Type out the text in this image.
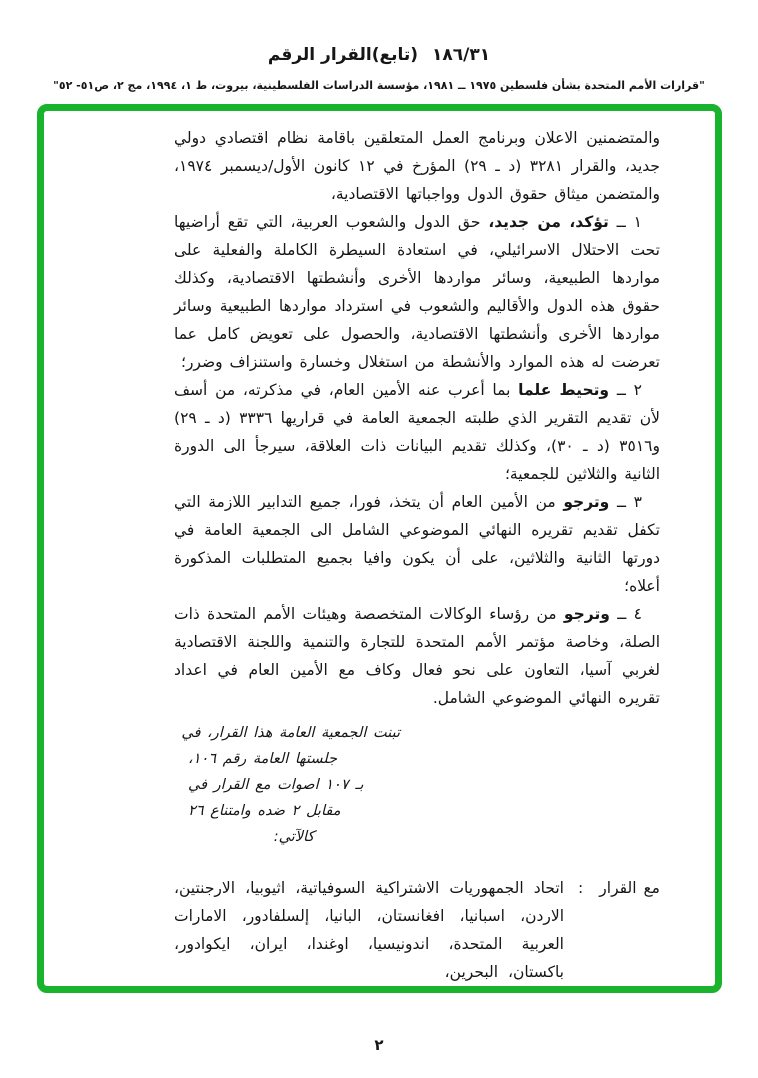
(تابع)القرار الرقم ١٨٦/٣١
"قرارات الأمم المتحدة بشأن فلسطين ١٩٧٥ ــ ١٩٨١، مؤسسة الدراسات الفلسطينية، بيروت، ط ١، ١٩٩٤، مج ٢، ص٥١- ٥٢"

والمتضمنين الاعلان وبرنامج العمل المتعلقين باقامة نظام اقتصادي دولي جديد، والقرار ٣٢٨١ (د ـ ٢٩) المؤرخ في ١٢ كانون الأول/ديسمبر ١٩٧٤، والمتضمن ميثاق حقوق الدول وواجباتها الاقتصادية،

١ ــ تؤكد، من جديد، حق الدول والشعوب العربية، التي تقع أراضيها تحت الاحتلال الاسرائيلي، في استعادة السيطرة الكاملة والفعلية على مواردها الطبيعية، وسائر مواردها الأخرى وأنشطتها الاقتصادية، وكذلك حقوق هذه الدول والأقاليم والشعوب في استرداد مواردها الطبيعية وسائر مواردها الأخرى وأنشطتها الاقتصادية، والحصول على تعويض كامل عما تعرضت له هذه الموارد والأنشطة من استغلال وخسارة واستنزاف وضرر؛

٢ ــ وتحيط علما بما أعرب عنه الأمين العام، في مذكرته، من أسف لأن تقديم التقرير الذي طلبته الجمعية العامة في قراريها ٣٣٣٦ (د ـ ٢٩) و٣٥١٦ (د ـ ٣٠)، وكذلك تقديم البيانات ذات العلاقة، سيرجأ الى الدورة الثانية والثلاثين للجمعية؛

٣ ــ وترجو من الأمين العام أن يتخذ، فورا، جميع التدابير اللازمة التي تكفل تقديم تقريره النهائي الموضوعي الشامل الى الجمعية العامة في دورتها الثانية والثلاثين، على أن يكون وافيا بجميع المتطلبات المذكورة أعلاه؛

٤ ــ وترجو من رؤساء الوكالات المتخصصة وهيئات الأمم المتحدة ذات الصلة، وخاصة مؤتمر الأمم المتحدة للتجارة والتنمية واللجنة الاقتصادية لغربي آسيا، التعاون على نحو فعال وكاف مع الأمين العام في اعداد تقريره النهائي الموضوعي الشامل.

تبنت الجمعية العامة هذا القرار، في
جلستها العامة رقم ١٠٦،
بـ ١٠٧ اصوات مع القرار في
مقابل ٢ ضده وامتناع ٢٦
كالآتي:
مع القرار
:
اتحاد الجمهوريات الاشتراكية السوفياتية، اثيوبيا، الارجنتين، الاردن، اسبانيا، افغانستان، البانيا، إلسلفادور، الامارات العربية المتحدة، اندونيسيا، اوغندا، ايران، ايكوادور، باكستان، البحرين،
٢
